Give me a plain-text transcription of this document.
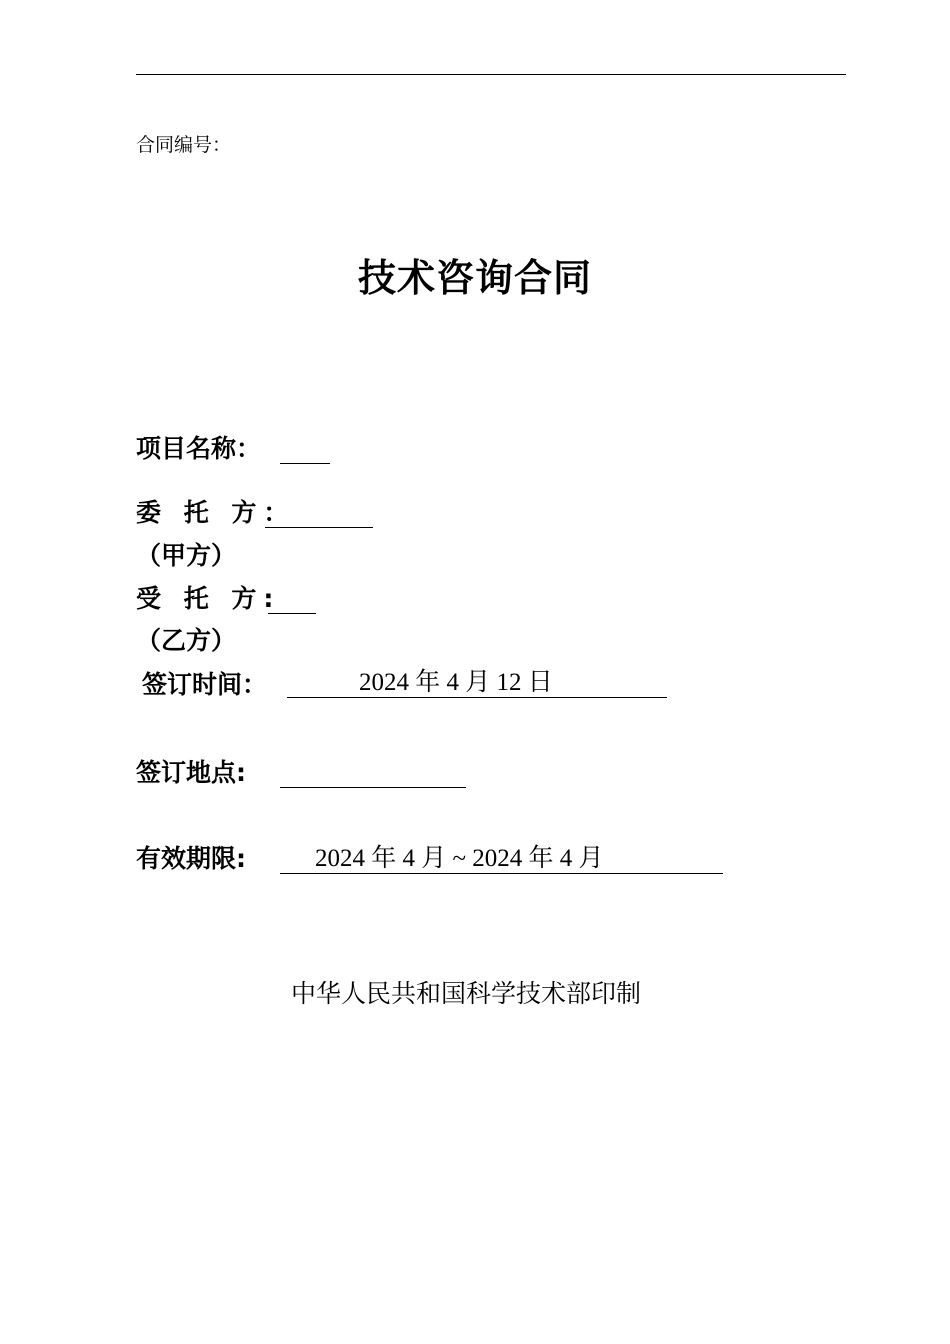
合同编号：
技术咨询合同
项目名称：
委 托 方：
（甲方）
受 托 方:
（乙方）
签订时间：	2024 年 4 月 12 日
签订地点:
有效期限:	2024 年 4 月 ~ 2024 年 4 月
中华人民共和国科学技术部印制
